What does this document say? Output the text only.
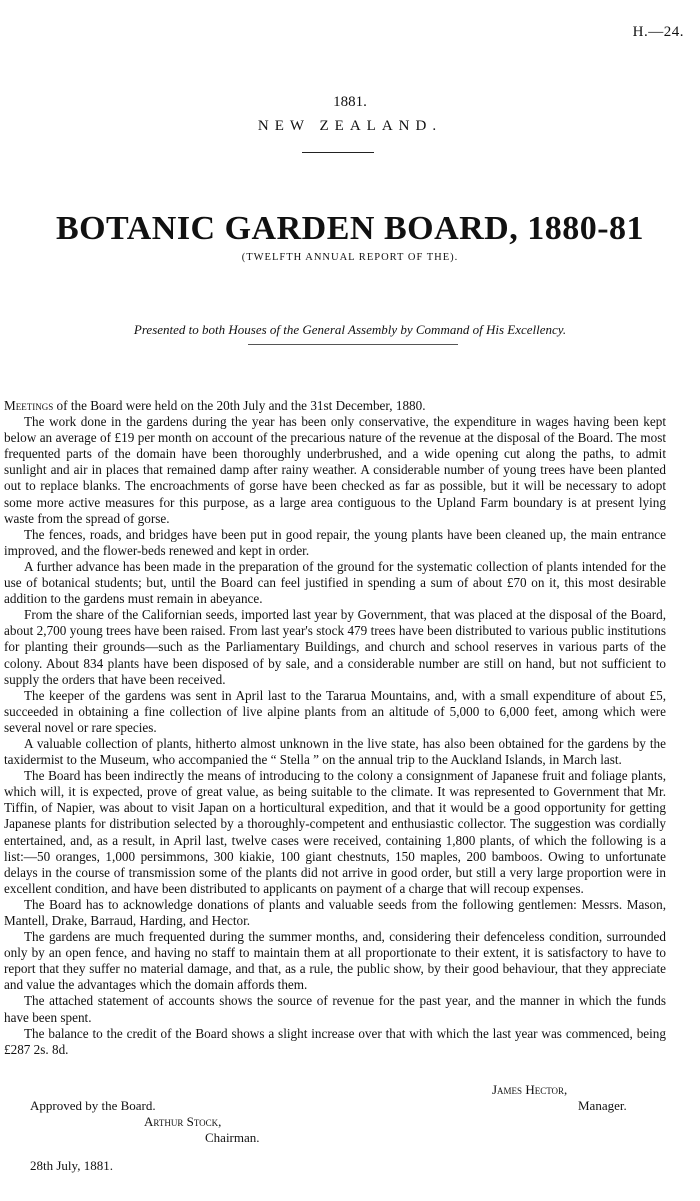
H.—24.
1881.
NEW ZEALAND.
BOTANIC GARDEN BOARD, 1880-81
(TWELFTH ANNUAL REPORT OF THE).
Presented to both Houses of the General Assembly by Command of His Excellency.

Meetings of the Board were held on the 20th July and the 31st December, 1880.

The work done in the gardens during the year has been only conservative, the expenditure in wages having been kept below an average of £19 per month on account of the precarious nature of the revenue at the disposal of the Board. The most frequented parts of the domain have been thoroughly underbrushed, and a wide opening cut along the paths, to admit sunlight and air in places that remained damp after rainy weather. A considerable number of young trees have been planted out to replace blanks. The encroachments of gorse have been checked as far as possible, but it will be necessary to adopt some more active measures for this purpose, as a large area contiguous to the Upland Farm boundary is at present lying waste from the spread of gorse.

The fences, roads, and bridges have been put in good repair, the young plants have been cleaned up, the main entrance improved, and the flower-beds renewed and kept in order.

A further advance has been made in the preparation of the ground for the systematic collection of plants intended for the use of botanical students; but, until the Board can feel justified in spending a sum of about £70 on it, this most desirable addition to the gardens must remain in abeyance.

From the share of the Californian seeds, imported last year by Government, that was placed at the disposal of the Board, about 2,700 young trees have been raised. From last year's stock 479 trees have been distributed to various public institutions for planting their grounds—such as the Parliamentary Buildings, and church and school reserves in various parts of the colony. About 834 plants have been disposed of by sale, and a considerable number are still on hand, but not sufficient to supply the orders that have been received.

The keeper of the gardens was sent in April last to the Tararua Mountains, and, with a small expenditure of about £5, succeeded in obtaining a fine collection of live alpine plants from an altitude of 5,000 to 6,000 feet, among which were several novel or rare species.

A valuable collection of plants, hitherto almost unknown in the live state, has also been obtained for the gardens by the taxidermist to the Museum, who accompanied the “ Stella ” on the annual trip to the Auckland Islands, in March last.

The Board has been indirectly the means of introducing to the colony a consignment of Japanese fruit and foliage plants, which will, it is expected, prove of great value, as being suitable to the climate. It was represented to Government that Mr. Tiffin, of Napier, was about to visit Japan on a horticultural expedition, and that it would be a good opportunity for getting Japanese plants for distribution selected by a thoroughly-competent and enthusiastic collector. The suggestion was cordially entertained, and, as a result, in April last, twelve cases were received, containing 1,800 plants, of which the following is a list:—50 oranges, 1,000 persimmons, 300 kiakie, 100 giant chestnuts, 150 maples, 200 bamboos. Owing to unfortunate delays in the course of transmission some of the plants did not arrive in good order, but still a very large proportion were in excellent condition, and have been distributed to applicants on payment of a charge that will recoup expenses.

The Board has to acknowledge donations of plants and valuable seeds from the following gentlemen: Messrs. Mason, Mantell, Drake, Barraud, Harding, and Hector.

The gardens are much frequented during the summer months, and, considering their defenceless condition, surrounded only by an open fence, and having no staff to maintain them at all proportionate to their extent, it is satisfactory to have to report that they suffer no material damage, and that, as a rule, the public show, by their good behaviour, that they appreciate and value the advantages which the domain affords them.

The attached statement of accounts shows the source of revenue for the past year, and the manner in which the funds have been spent.

The balance to the credit of the Board shows a slight increase over that with which the last year was commenced, being £287 2s. 8d.

James Hector,
Manager.
Approved by the Board.
Arthur Stock,
Chairman.
28th July, 1881.
